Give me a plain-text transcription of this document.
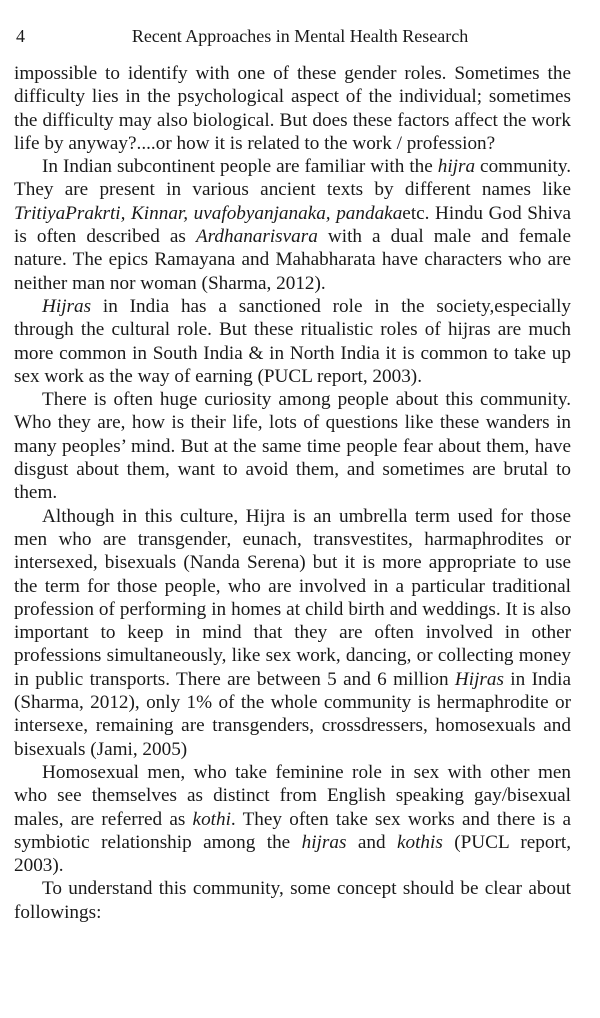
4	Recent Approaches in Mental Health Research

impossible to identify with one of these gender roles. Sometimes the difficulty lies in the psychological aspect of the individual; sometimes the difficulty may also biological. But does these factors affect the work life by anyway?....or how it is related to the work / profession?

In Indian subcontinent people are familiar with the hijra community. They are present in various ancient texts by different names like TritiyaPrakrti, Kinnar, uvafobyanjanaka, pandakaetc. Hindu God Shiva is often described as Ardhanarisvara with a dual male and female nature. The epics Ramayana and Mahabharata have characters who are neither man nor woman (Sharma, 2012).

Hijras in India has a sanctioned role in the society,especially through the cultural role. But these ritualistic roles of hijras are much more common in South India & in North India it is common to take up sex work as the way of earning (PUCL report, 2003).

There is often huge curiosity among people about this community. Who they are, how is their life, lots of questions like these wanders in many peoples’ mind. But at the same time people fear about them, have disgust about them, want to avoid them, and sometimes are brutal to them.

Although in this culture, Hijra is an umbrella term used for those men who are transgender, eunach, transvestites, harmaphrodites or intersexed, bisexuals (Nanda Serena) but it is more appropriate to use the term for those people, who are involved in a particular traditional profession of performing in homes at child birth and weddings. It is also important to keep in mind that they are often involved in other professions simultaneously, like sex work, dancing, or collecting money in public transports. There are between 5 and 6 million Hijras in India (Sharma, 2012), only 1% of the whole community is hermaphrodite or intersexe, remaining are transgenders, crossdressers, homosexuals and bisexuals (Jami, 2005)

Homosexual men, who take feminine role in sex with other men who see themselves as distinct from English speaking gay/bisexual males, are referred as kothi. They often take sex works and there is a symbiotic relationship among the hijras and kothis (PUCL report, 2003).

To understand this community, some concept should be clear about followings:
